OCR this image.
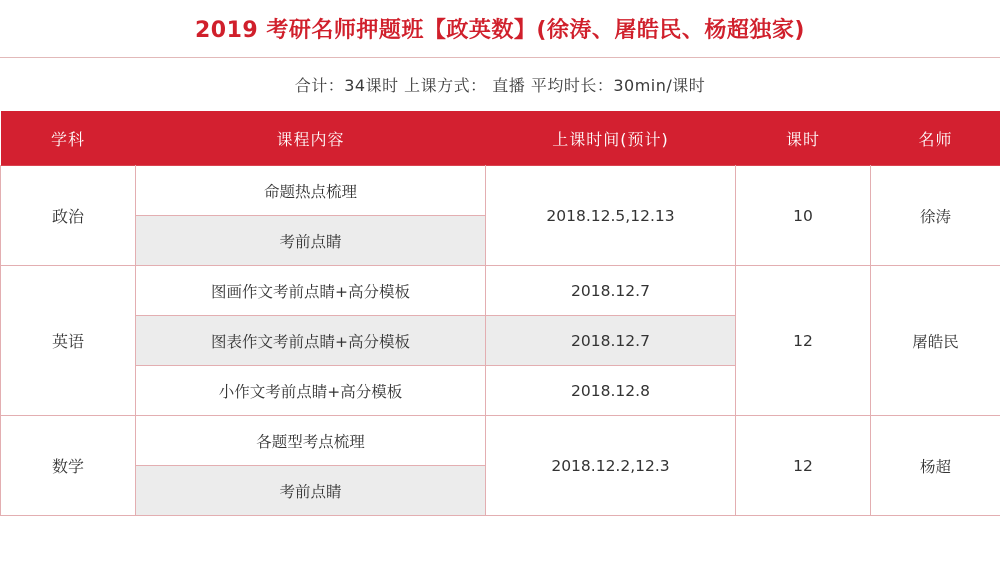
2019 考研名师押题班【政英数】(徐涛、屠皓民、杨超独家)
合计：34课时 上课方式： 直播 平均时长：30min/课时
学科	课程内容	上课时间(预计)	课时	名师
政治	命题热点梳理	2018.12.5,12.13	10	徐涛
	考前点睛			
英语	图画作文考前点睛+高分模板	2018.12.7	12	屠皓民
	图表作文考前点睛+高分模板	2018.12.7		
	小作文考前点睛+高分模板	2018.12.8		
数学	各题型考点梳理	2018.12.2,12.3	12	杨超
	考前点睛			
